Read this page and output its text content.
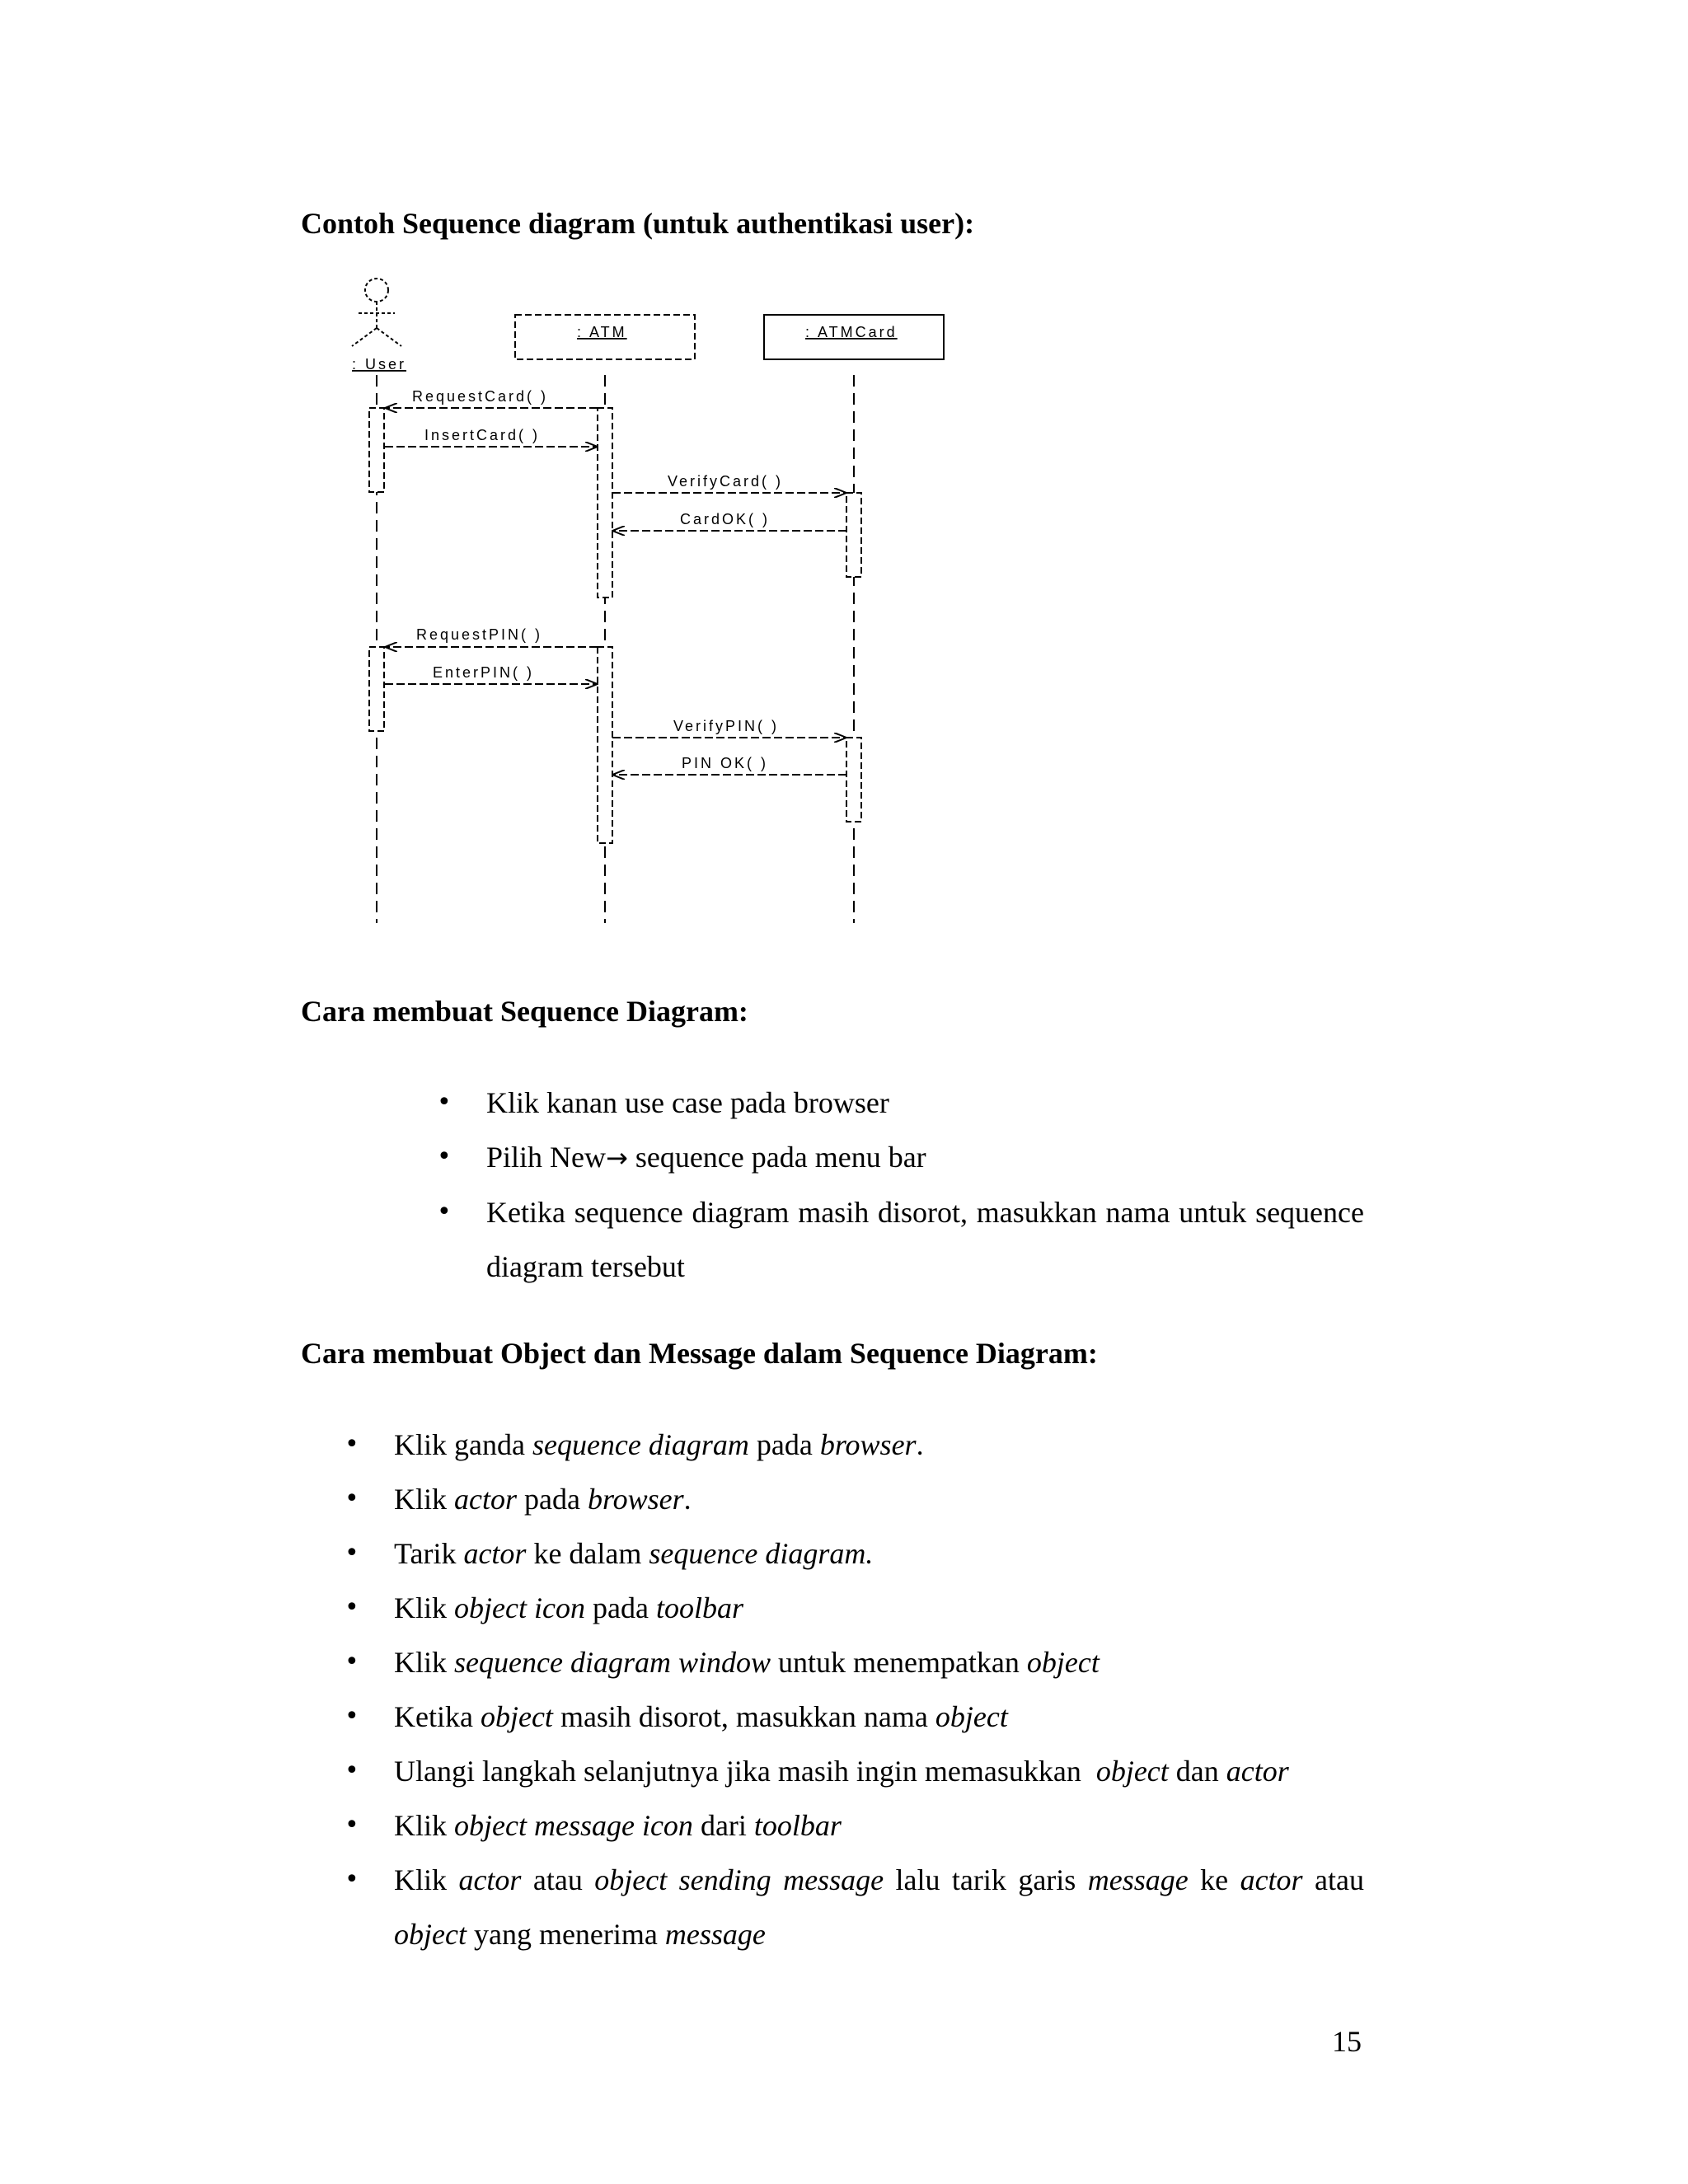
Contoh Sequence diagram (untuk authentikasi user):
: User
: ATM	: ATMCard
RequestCard( )
InsertCard( )
VerifyCard( )
CardOK( )
RequestPIN( )
EnterPIN( )
VerifyPIN( )
PIN OK( )
Cara membuat Sequence Diagram:
•	Klik kanan use case pada browser
•	Pilih New→ sequence pada menu bar
•	Ketika sequence diagram masih disorot, masukkan nama untuk sequence diagram tersebut
Cara membuat Object dan Message dalam Sequence Diagram:
•	Klik ganda sequence diagram pada browser.
•	Klik actor pada browser.
•	Tarik actor ke dalam sequence diagram.
•	Klik object icon pada toolbar
•	Klik sequence diagram window untuk menempatkan object
•	Ketika object masih disorot, masukkan nama object
•	Ulangi langkah selanjutnya jika masih ingin memasukkan  object dan actor
•	Klik object message icon dari toolbar
•	Klik actor atau object sending message lalu tarik garis message ke actor atau object yang menerima message

15
